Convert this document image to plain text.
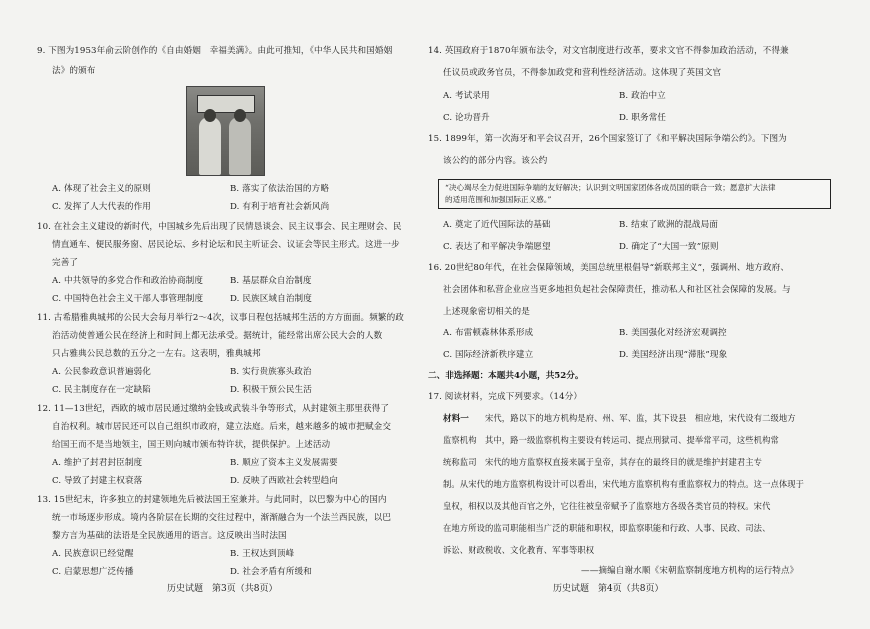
9. 下图为1953年俞云阶创作的《自由婚姻　幸福美满》。由此可推知，《中华人民共和国婚姻
法》的颁布
A. 体现了社会主义的原则	B. 落实了依法治国的方略
C. 发挥了人大代表的作用	D. 有利于培育社会新风尚
10. 在社会主义建设的新时代，中国城乡先后出现了民情恳谈会、民主议事会、民主理财会、民
情直通车、便民服务窗、居民论坛、乡村论坛和民主听证会、议证会等民主形式。这进一步
完善了
A. 中共领导的多党合作和政治协商制度	B. 基层群众自治制度
C. 中国特色社会主义干部人事管理制度	D. 民族区域自治制度
11. 古希腊雅典城邦的公民大会每月举行2～4次，议事日程包括城邦生活的方方面面。频繁的政
治活动使普通公民在经济上和时间上都无法承受。据统计，能经常出席公民大会的人数
只占雅典公民总数的五分之一左右。这表明，雅典城邦
A. 公民参政意识普遍弱化	B. 实行贵族寡头政治
C. 民主制度存在一定缺陷	D. 积极干预公民生活
12. 11—13世纪，西欧的城市居民通过缴纳金钱或武装斗争等形式，从封建领主那里获得了
自治权利。城市居民还可以自己组织市政府，建立法庭。后来，越来越多的城市把赋金交
给国王而不是当地领主，国王则向城市颁布特许状，提供保护。上述活动
A. 维护了封君封臣制度	B. 顺应了资本主义发展需要
C. 导致了封建主权衰落	D. 反映了西欧社会转型趋向
13. 15世纪末，许多独立的封建领地先后被法国王室兼并。与此同时，以巴黎为中心的国内
统一市场逐步形成。境内各阶层在长期的交往过程中，渐渐融合为一个法兰西民族，以巴
黎方言为基础的法语是全民族通用的语言。这反映出当时法国
A. 民族意识已经觉醒	B. 王权达到顶峰
C. 启蒙思想广泛传播	D. 社会矛盾有所缓和
历史试题　第3页（共8页）
14. 英国政府于1870年颁布法令，对文官制度进行改革，要求文官不得参加政治活动，不得兼
任议员或政务官员，不得参加政党和营利性经济活动。这体现了英国文官
A. 考试录用	B. 政治中立
C. 论功晋升	D. 职务常任
15. 1899年，第一次海牙和平会议召开，26个国家签订了《和平解决国际争端公约》。下图为
该公约的部分内容。该公约
“决心竭尽全力促进国际争端的友好解决；认识到文明国家团体各成员国的联合一致；愿意扩大法律
的适用范围和加强国际正义感。”
A. 奠定了近代国际法的基础	B. 结束了欧洲的混战局面
C. 表达了和平解决争端愿望	D. 确定了“大国一致”原则
16. 20世纪80年代，在社会保障领域，美国总统里根倡导“新联邦主义”，强调州、地方政府、
社会团体和私营企业应当更多地担负起社会保障责任，推动私人和社区社会保障的发展。与
上述现象密切相关的是
A. 布雷顿森林体系形成	B. 美国强化对经济宏观调控
C. 国际经济新秩序建立	D. 美国经济出现“滞胀”现象
二、非选择题：本题共4小题，共52分。
17. 阅读材料，完成下列要求。（14分）
材料一 宋代，路以下的地方机构是府、州、军、监，其下设县　相应地，宋代设有二级地方
监察机构　其中，路一级监察机构主要设有转运司、提点刑狱司、提举常平司，这些机构常
统称监司　宋代的地方监察权直接来属于皇帝，其存在的最终目的就是维护封建君主专
制。从宋代的地方监察机构设计可以看出，宋代地方监察机构有重监察权力的特点。这一点体现于
皇权，相权以及其他百官之外，它往往被皇帝赋予了监察地方各级各类官员的特权。宋代
在地方所设的监司职能相当广泛的职能和职权，即监察职能和行政、人事、民政、司法、
诉讼、财政税收、文化教育、军事等职权
——摘编自谢水顺《宋朝监察制度地方机构的运行特点》
历史试题　第4页（共8页）
